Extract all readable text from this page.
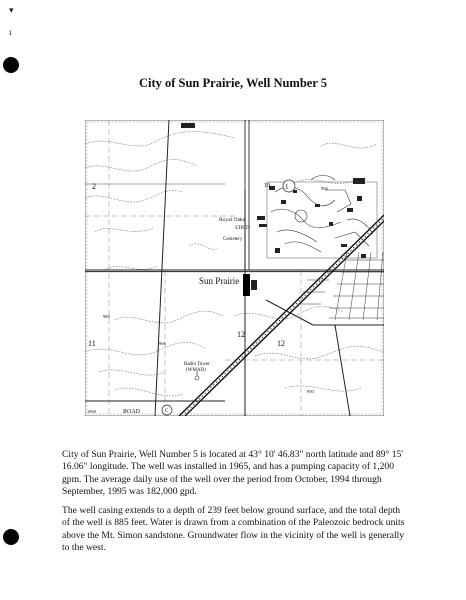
▾
ı
City of Sun Prairie, Well Number 5
Sun Prairie
Royal Oaks
STR Tr
Cemetery
Radio Tower
(WMAD)
2	1
11
12
12
19
C
ROAD
994
966
1860
988
950

City of Sun Prairie, Well Number 5 is located at 43° 10' 46.83" north latitude and 89° 15' 16.06" longitude. The well was installed in 1965, and has a pumping capacity of 1,200 gpm. The average daily use of the well over the period from October, 1994 through September, 1995 was 182,000 gpd.

The well casing extends to a depth of 239 feet below ground surface, and the total depth of the well is 885 feet. Water is drawn from a combination of the Paleozoic bedrock units above the Mt. Simon sandstone. Groundwater flow in the vicinity of the well is generally to the west.
